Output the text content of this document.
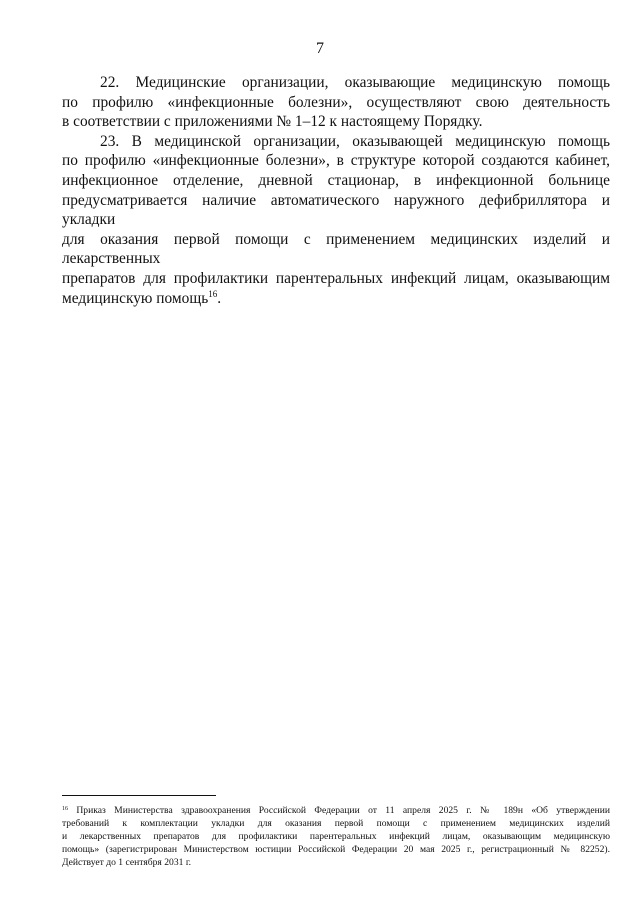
7
22. Медицинские организации, оказывающие медицинскую помощь
по профилю «инфекционные болезни», осуществляют свою деятельность
в соответствии с приложениями № 1–12 к настоящему Порядку.
23. В медицинской организации, оказывающей медицинскую помощь
по профилю «инфекционные болезни», в структуре которой создаются кабинет,
инфекционное отделение, дневной стационар, в инфекционной больнице
предусматривается наличие автоматического наружного дефибриллятора и укладки
для оказания первой помощи с применением медицинских изделий и лекарственных
препаратов для профилактики парентеральных инфекций лицам, оказывающим
медицинскую помощь$^{16}$.
$^{16}$ Приказ Министерства здравоохранения Российской Федерации от 11 апреля 2025 г. № 189н «Об утверждении
требований к комплектации укладки для оказания первой помощи с применением медицинских изделий
и лекарственных препаратов для профилактики парентеральных инфекций лицам, оказывающим медицинскую
помощь» (зарегистрирован Министерством юстиции Российской Федерации 20 мая 2025 г., регистрационный № 82252).
Действует до 1 сентября 2031 г.
